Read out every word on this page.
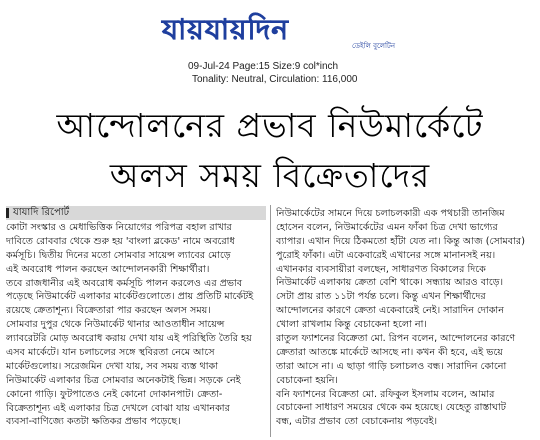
যায়যায়দিন	ডেইলি বুলেটিন
09-Jul-24 Page:15 Size:9 col*inch
Tonality: Neutral, Circulation: 116,000
আন্দোলনের প্রভাব নিউমার্কেটে
অলস সময় বিক্রেতাদের
যাযাদি রিপোর্ট
কোটা সংস্কার ও মেধাভিত্তিক নিয়োগের পরিপত্র বহাল রাখার
দাবিতে রোববার থেকে শুরু হয় 'বাংলা ব্লকেড' নামে অবরোধ
কর্মসূচি। দ্বিতীয় দিনের মতো সোমবার সায়েন্স ল্যাবের মোড়ে
এই অবরোধ পালন করছেন আন্দোলনকারী শিক্ষার্থীরা।
তবে রাজধানীর এই অবরোধ কর্মসূচি পালন করলেও এর প্রভাব
পড়েছে নিউমার্কেট এলাকার মার্কেটগুলোতে। প্রায় প্রতিটি মার্কেটই
রয়েছে ক্রেতাশূন্য। বিক্রেতারা পার করছেন অলস সময়।
সোমবার দুপুর থেকে নিউমার্কেট থানার আওতাধীন সায়েন্স
ল্যাবরেটরি মোড় অবরোধ করায় দেখা যায় এই পরিস্থিতি তৈরি হয়
এসব মার্কেটে। যান চলাচলের সঙ্গে স্থবিরতা নেমে আসে
মার্কেটগুলোয়। সরেজমিন দেখা যায়, সব সময় ব্যস্ত থাকা
নিউমার্কেট এলাকার চিত্র সোমবার অনেকটাই ভিন্ন। সড়কে নেই
কোনো গাড়ি। ফুটপাতেও নেই কোনো দোকানপাট। ক্রেতা-
বিক্রেতাশূন্য এই এলাকার চিত্র দেখলে বোঝা যায় এখানকার
ব্যবসা-বাণিজ্যে কতটা ক্ষতিকর প্রভাব পড়েছে।
নিউমার্কেটের সামনে দিয়ে চলাচলকারী এক পথচারী তানজিম
হোসেন বলেন, নিউমার্কেটের এমন ফাঁকা চিত্র দেখা ভাগ্যের
ব্যাপার। এখান দিয়ে ঠিকমতো হাঁটা যেত না। কিন্তু আজ (সোমবার)
পুরোই ফাঁকা। এটা একেবারেই এখানের সঙ্গে মানানসই নয়।
এখানকার ব্যবসায়ীরা বলছেন, সাধারণত বিকালের দিকে
নিউমার্কেট এলাকায় ক্রেতা বেশি থাকে। সন্ধ্যায় আরও বাড়ে।
সেটা প্রায় রাত ১১টা পর্যন্ত চলে। কিন্তু এখন শিক্ষার্থীদের
আন্দোলনের কারণে ক্রেতা একেবারেই নেই। সারাদিন দোকান
খোলা রাখলাম কিন্তু বেচাকেনা হলো না।
রাতুল ফ্যাশনের বিক্রেতা মো. রিপন বলেন, আন্দোলনের কারণে
ক্রেতারা আতঙ্কে মার্কেটে আসছে না। কখন কী হবে, এই ভয়ে
তারা আসে না। এ ছাড়া গাড়ি চলাচলও বন্ধ। সারাদিন কোনো
বেচাকেনা হয়নি।
বনি ফ্যাশনের বিক্রেতা মো. রফিকুল ইসলাম বলেন, আমার
বেচাকেনা সাধারণ সময়ের থেকে কম হয়েছে। যেহেতু রাস্তাঘাট
বন্ধ, এটার প্রভাব তো বেচাকেনায় পড়বেই।
